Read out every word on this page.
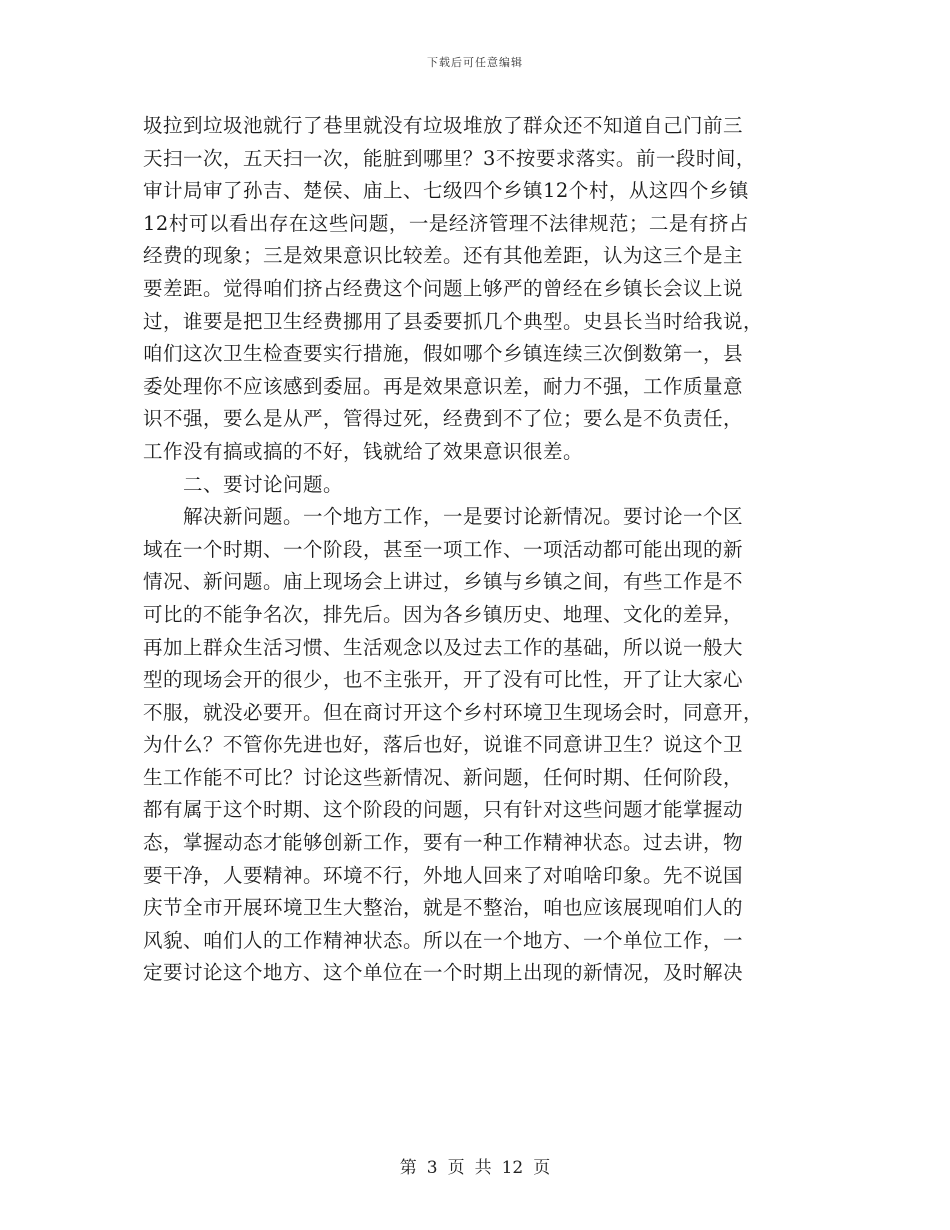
下载后可任意编辑
圾拉到垃圾池就行了巷里就没有垃圾堆放了群众还不知道自己门前三
天扫一次，五天扫一次，能脏到哪里？3不按要求落实。前一段时间，
审计局审了孙吉、楚侯、庙上、七级四个乡镇12个村，从这四个乡镇
12村可以看出存在这些问题，一是经济管理不法律规范；二是有挤占
经费的现象；三是效果意识比较差。还有其他差距，认为这三个是主
要差距。觉得咱们挤占经费这个问题上够严的曾经在乡镇长会议上说
过，谁要是把卫生经费挪用了县委要抓几个典型。史县长当时给我说，
咱们这次卫生检查要实行措施，假如哪个乡镇连续三次倒数第一，县
委处理你不应该感到委屈。再是效果意识差，耐力不强，工作质量意
识不强，要么是从严，管得过死，经费到不了位；要么是不负责任，
工作没有搞或搞的不好，钱就给了效果意识很差。
二、要讨论问题。
解决新问题。一个地方工作，一是要讨论新情况。要讨论一个区
域在一个时期、一个阶段，甚至一项工作、一项活动都可能出现的新
情况、新问题。庙上现场会上讲过，乡镇与乡镇之间，有些工作是不
可比的不能争名次，排先后。因为各乡镇历史、地理、文化的差异，
再加上群众生活习惯、生活观念以及过去工作的基础，所以说一般大
型的现场会开的很少，也不主张开，开了没有可比性，开了让大家心
不服，就没必要开。但在商讨开这个乡村环境卫生现场会时，同意开，
为什么？不管你先进也好，落后也好，说谁不同意讲卫生？说这个卫
生工作能不可比？讨论这些新情况、新问题，任何时期、任何阶段，
都有属于这个时期、这个阶段的问题，只有针对这些问题才能掌握动
态，掌握动态才能够创新工作，要有一种工作精神状态。过去讲，物
要干净，人要精神。环境不行，外地人回来了对咱啥印象。先不说国
庆节全市开展环境卫生大整治，就是不整治，咱也应该展现咱们人的
风貌、咱们人的工作精神状态。所以在一个地方、一个单位工作，一
定要讨论这个地方、这个单位在一个时期上出现的新情况，及时解决
第 3 页 共 12 页
